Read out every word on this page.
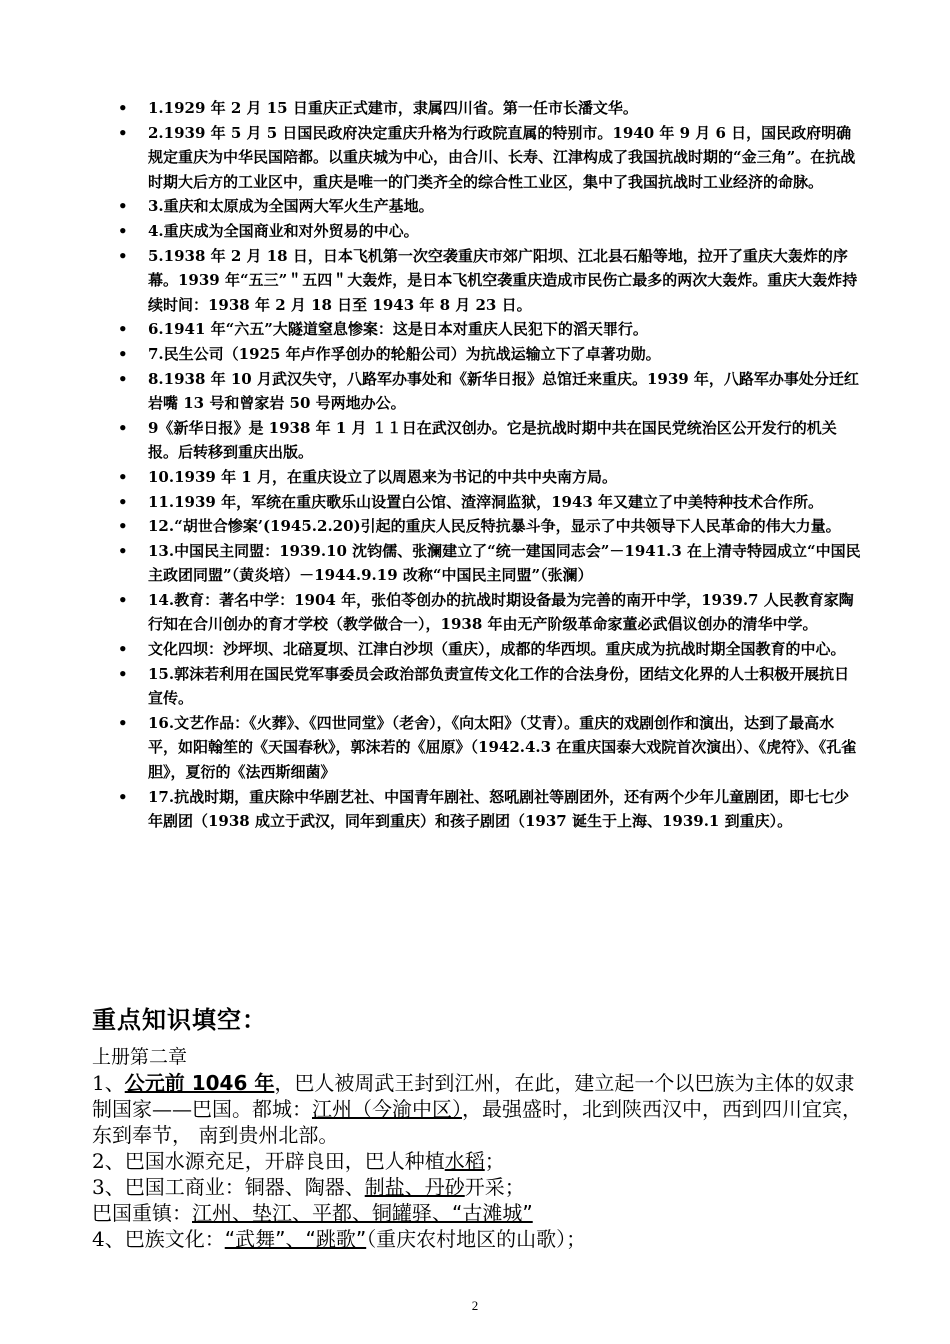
• 1.1929 年 2 月 15 日重庆正式建市，隶属四川省。第一任市长潘文华。
• 2.1939 年 5 月 5 日国民政府决定重庆升格为行政院直属的特别市。1940 年 9 月 6 日，国民政府明确规定重庆为中华民国陪都。以重庆城为中心，由合川、长寿、江津构成了我国抗战时期的“金三角”。在抗战时期大后方的工业区中，重庆是唯一的门类齐全的综合性工业区，集中了我国抗战时工业经济的命脉。
• 3.重庆和太原成为全国两大军火生产基地。
• 4.重庆成为全国商业和对外贸易的中心。
• 5.1938 年 2 月 18 日，日本飞机第一次空袭重庆市郊广阳坝、江北县石船等地，拉开了重庆大轰炸的序幕。1939 年“五三”＂五四＂大轰炸，是日本飞机空袭重庆造成市民伤亡最多的两次大轰炸。重庆大轰炸持续时间：1938 年 2 月 18 日至 1943 年 8 月 23 日。
• 6.1941 年“六五”大隧道窒息惨案：这是日本对重庆人民犯下的滔天罪行。
• 7.民生公司（1925 年卢作孚创办的轮船公司）为抗战运输立下了卓著功勋。
• 8.1938 年 10 月武汉失守，八路军办事处和《新华日报》总馆迁来重庆。1939 年，八路军办事处分迁红岩嘴 13 号和曾家岩 50 号两地办公。
• 9《新华日报》是 1938 年 1 月 １１日在武汉创办。它是抗战时期中共在国民党统治区公开发行的机关报。后转移到重庆出版。
• 10.1939 年 1 月，在重庆设立了以周恩来为书记的中共中央南方局。
• 11.1939 年，军统在重庆歌乐山设置白公馆、渣滓洞监狱，1943 年又建立了中美特种技术合作所。
• 12.“胡世合惨案’(1945.2.20)引起的重庆人民反特抗暴斗争，显示了中共领导下人民革命的伟大力量。
• 13.中国民主同盟：1939.10 沈钧儒、张澜建立了“统一建国同志会”－1941.3 在上清寺特园成立“中国民主政团同盟”（黄炎培）－1944.9.19 改称“中国民主同盟”（张澜）
• 14.教育：著名中学：1904 年，张伯苓创办的抗战时期设备最为完善的南开中学，1939.7 人民教育家陶行知在合川创办的育才学校（教学做合一），1938 年由无产阶级革命家董必武倡议创办的清华中学。
• 文化四坝：沙坪坝、北碚夏坝、江津白沙坝（重庆），成都的华西坝。重庆成为抗战时期全国教育的中心。
• 15.郭沫若利用在国民党军事委员会政治部负责宣传文化工作的合法身份，团结文化界的人士积极开展抗日宣传。
• 16.文艺作品：《火葬》、《四世同堂》（老舍），《向太阳》（艾青）。重庆的戏剧创作和演出，达到了最高水平，如阳翰笙的《天国春秋》，郭沫若的《屈原》（1942.4.3 在重庆国泰大戏院首次演出）、《虎符》、《孔雀胆》，夏衍的《法西斯细菌》
• 17.抗战时期，重庆除中华剧艺社、中国青年剧社、怒吼剧社等剧团外，还有两个少年儿童剧团，即七七少年剧团（1938 成立于武汉，同年到重庆）和孩子剧团（1937 诞生于上海、1939.1 到重庆）。
重点知识填空：

上册第二章

1、公元前 1046 年，巴人被周武王封到江州，在此，建立起一个以巴族为主体的奴隶制国家——巴国。都城：江州（今渝中区），最强盛时，北到陕西汉中，西到四川宜宾， 东到奉节， 南到贵州北部。

2、巴国水源充足，开辟良田，巴人种植水稻；

3、巴国工商业：铜器、陶器、制盐、丹砂开采；

巴国重镇：江州、垫江、平都、铜罐驿、“古滩城”

4、巴族文化：“武舞”、“跳歌”（重庆农村地区的山歌）；

2
